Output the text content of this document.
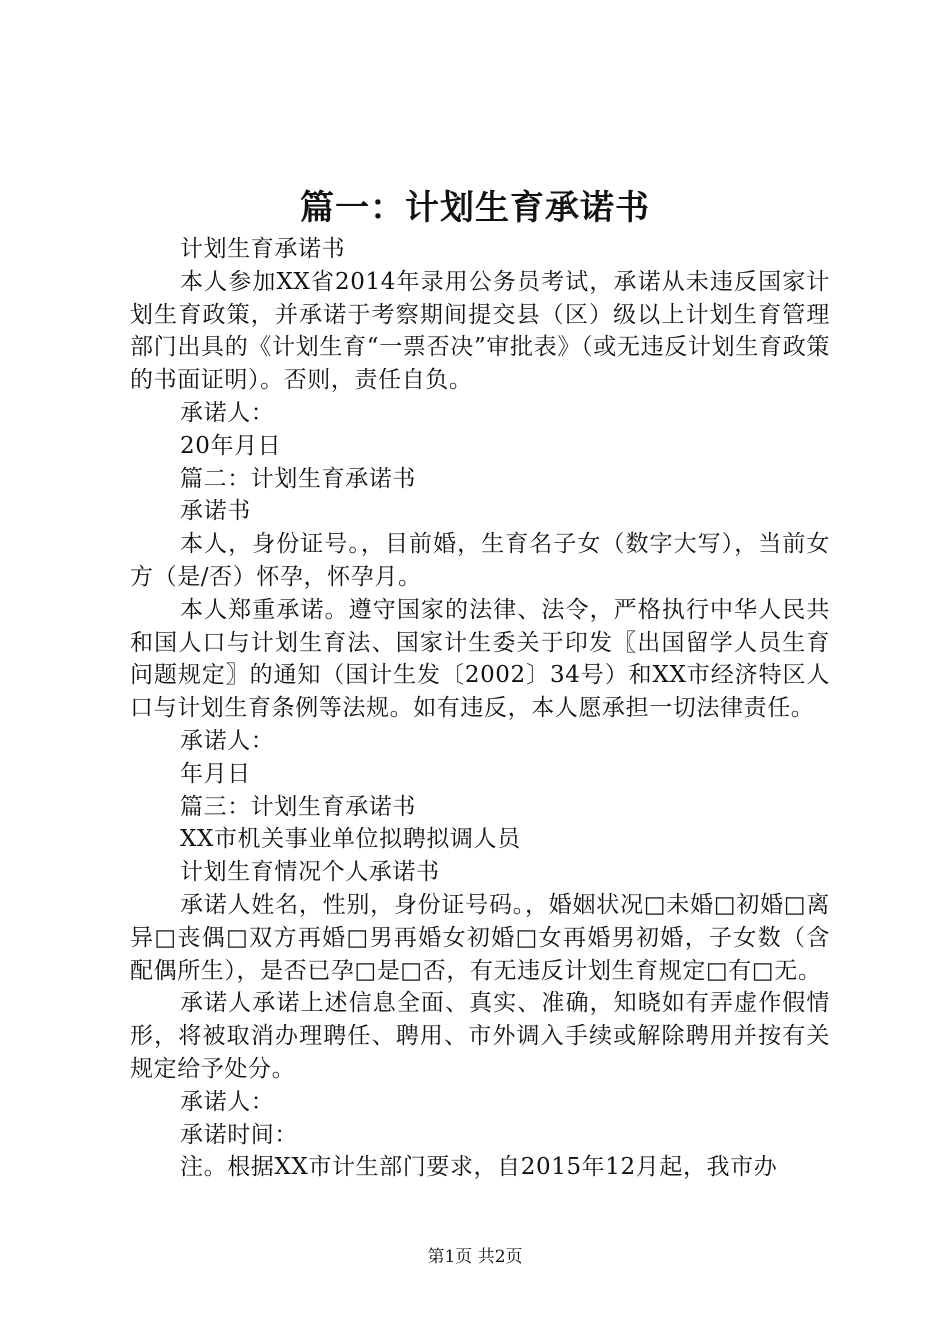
篇一：计划生育承诺书

计划生育承诺书

本人参加XX省2014年录用公务员考试，承诺从未违反国家计划生育政策，并承诺于考察期间提交县（区）级以上计划生育管理部门出具的《计划生育“一票否决”审批表》（或无违反计划生育政策的书面证明）。否则，责任自负。

承诺人：

20年月日

篇二：计划生育承诺书

承诺书

本人，身份证号。，目前婚，生育名子女（数字大写），当前女方（是/否）怀孕，怀孕月。

本人郑重承诺。遵守国家的法律、法令，严格执行中华人民共和国人口与计划生育法、国家计生委关于印发〖出国留学人员生育问题规定〗的通知（国计生发〔2002〕34号）和XX市经济特区人口与计划生育条例等法规。如有违反，本人愿承担一切法律责任。

承诺人：

年月日

篇三：计划生育承诺书

XX市机关事业单位拟聘拟调人员

计划生育情况个人承诺书

承诺人姓名，性别，身份证号码。，婚姻状况□未婚□初婚□离异□丧偶□双方再婚□男再婚女初婚□女再婚男初婚，子女数（含配偶所生），是否已孕□是□否，有无违反计划生育规定□有□无。

承诺人承诺上述信息全面、真实、准确，知晓如有弄虚作假情形，将被取消办理聘任、聘用、市外调入手续或解除聘用并按有关规定给予处分。

承诺人：

承诺时间：

注。根据XX市计生部门要求，自2015年12月起，我市办

第1页 共2页
